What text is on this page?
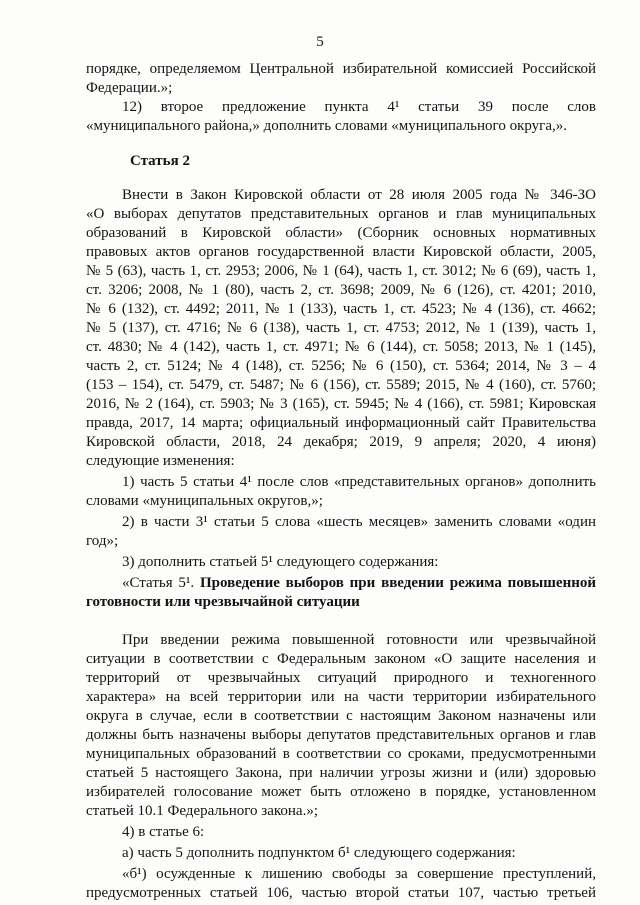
5
порядке, определяемом Центральной избирательной комиссией Российской
Федерации.»;
12) второе предложение пункта 4¹ статьи 39 после слов
«муниципального района,» дополнить словами «муниципального округа,».
Статья 2
Внести в Закон Кировской области от 28 июля 2005 года № 346-ЗО
«О выборах депутатов представительных органов и глав муниципальных
образований в Кировской области» (Сборник основных нормативных
правовых актов органов государственной власти Кировской области, 2005,
№ 5 (63), часть 1, ст. 2953; 2006, № 1 (64), часть 1, ст. 3012; № 6 (69), часть 1,
ст. 3206; 2008, № 1 (80), часть 2, ст. 3698; 2009, № 6 (126), ст. 4201; 2010,
№ 6 (132), ст. 4492; 2011, № 1 (133), часть 1, ст. 4523; № 4 (136), ст. 4662;
№ 5 (137), ст. 4716; № 6 (138), часть 1, ст. 4753; 2012, № 1 (139), часть 1,
ст. 4830; № 4 (142), часть 1, ст. 4971; № 6 (144), ст. 5058; 2013, № 1 (145),
часть 2, ст. 5124; № 4 (148), ст. 5256; № 6 (150), ст. 5364; 2014, № 3 – 4
(153 – 154), ст. 5479, ст. 5487; № 6 (156), ст. 5589; 2015, № 4 (160), ст. 5760;
2016, № 2 (164), ст. 5903; № 3 (165), ст. 5945; № 4 (166), ст. 5981; Кировская
правда, 2017, 14 марта; официальный информационный сайт Правительства
Кировской области, 2018, 24 декабря; 2019, 9 апреля; 2020, 4 июня)
следующие изменения:
1) часть 5 статьи 4¹ после слов «представительных органов» дополнить
словами «муниципальных округов,»;
2) в части 3¹ статьи 5 слова «шесть месяцев» заменить словами «один
год»;
3) дополнить статьей 5¹ следующего содержания:
«Статья 5¹. Проведение выборов при введении режима повышенной
готовности или чрезвычайной ситуации
При введении режима повышенной готовности или чрезвычайной
ситуации в соответствии с Федеральным законом «О защите населения и
территорий от чрезвычайных ситуаций природного и техногенного
характера» на всей территории или на части территории избирательного
округа в случае, если в соответствии с настоящим Законом назначены или
должны быть назначены выборы депутатов представительных органов и глав
муниципальных образований в соответствии со сроками, предусмотренными
статьей 5 настоящего Закона, при наличии угрозы жизни и (или) здоровью
избирателей голосование может быть отложено в порядке, установленном
статьей 10.1 Федерального закона.»;
4) в статье 6:
а) часть 5 дополнить подпунктом б¹ следующего содержания:
«б¹) осужденные к лишению свободы за совершение преступлений,
предусмотренных статьей 106, частью второй статьи 107, частью третьей
